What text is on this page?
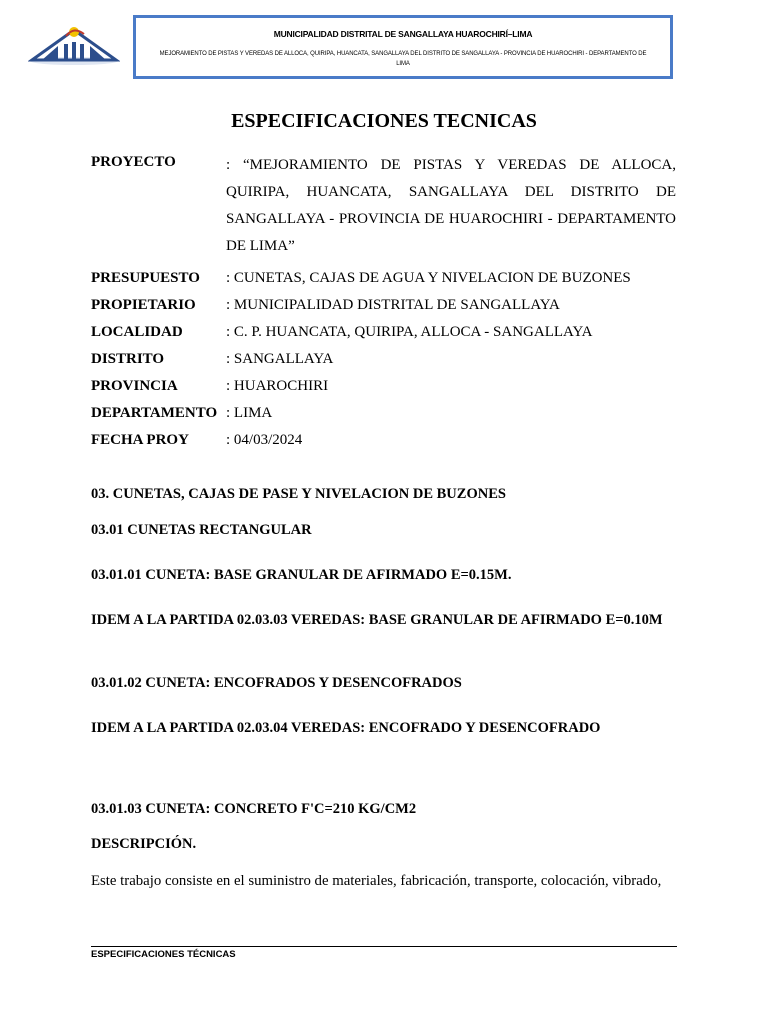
MUNICIPALIDAD DISTRITAL DE SANGALLAYA HUAROCHIRÍ–LIMA
MEJORAMIENTO DE PISTAS Y VEREDAS DE ALLOCA, QUIRIPA, HUANCATA, SANGALLAYA DEL DISTRITO DE SANGALLAYA - PROVINCIA DE HUAROCHIRI - DEPARTAMENTO DE LIMA
ESPECIFICACIONES TECNICAS
PROYECTO	: “MEJORAMIENTO DE PISTAS Y VEREDAS DE ALLOCA, QUIRIPA, HUANCATA, SANGALLAYA DEL DISTRITO DE SANGALLAYA - PROVINCIA DE HUAROCHIRI - DEPARTAMENTO DE LIMA”
PRESUPUESTO : CUNETAS, CAJAS DE AGUA Y NIVELACION DE BUZONES
PROPIETARIO : MUNICIPALIDAD DISTRITAL DE SANGALLAYA
LOCALIDAD	: C. P. HUANCATA, QUIRIPA, ALLOCA - SANGALLAYA
DISTRITO	: SANGALLAYA
PROVINCIA	: HUAROCHIRI
DEPARTAMENTO : LIMA
FECHA PROY : 04/03/2024
03. CUNETAS, CAJAS DE PASE Y NIVELACION DE BUZONES
03.01 CUNETAS RECTANGULAR
03.01.01 CUNETA: BASE GRANULAR DE AFIRMADO E=0.15M.
IDEM A LA PARTIDA 02.03.03 VEREDAS: BASE GRANULAR DE AFIRMADO E=0.10M
03.01.02 CUNETA: ENCOFRADOS Y DESENCOFRADOS
IDEM A LA PARTIDA 02.03.04 VEREDAS: ENCOFRADO Y DESENCOFRADO
03.01.03 CUNETA: CONCRETO F'C=210 KG/CM2
DESCRIPCIÓN.
Este trabajo consiste en el suministro de materiales, fabricación, transporte, colocación, vibrado,
ESPECIFICACIONES TÉCNICAS
